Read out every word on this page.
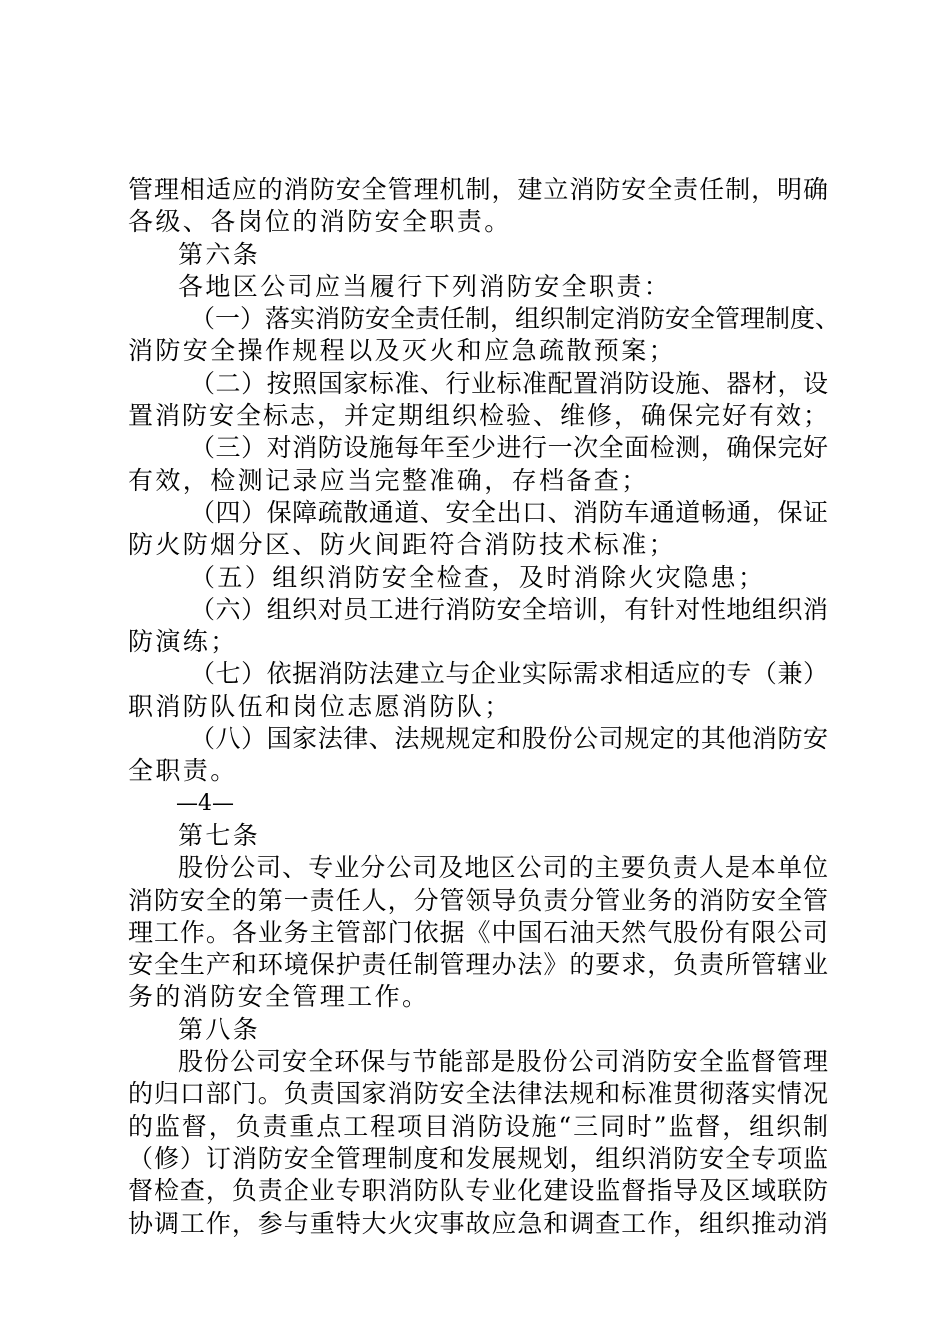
管理相适应的消防安全管理机制，建立消防安全责任制，明确
各级、各岗位的消防安全职责。
第六条
各地区公司应当履行下列消防安全职责：
（一）落实消防安全责任制，组织制定消防安全管理制度、
消防安全操作规程以及灭火和应急疏散预案；
（二）按照国家标准、行业标准配置消防设施、器材，设
置消防安全标志，并定期组织检验、维修，确保完好有效；
（三）对消防设施每年至少进行一次全面检测，确保完好
有效，检测记录应当完整准确，存档备查；
（四）保障疏散通道、安全出口、消防车通道畅通，保证
防火防烟分区、防火间距符合消防技术标准；
（五）组织消防安全检查，及时消除火灾隐患；
（六）组织对员工进行消防安全培训，有针对性地组织消
防演练；
（七）依据消防法建立与企业实际需求相适应的专（兼）
职消防队伍和岗位志愿消防队；
（八）国家法律、法规规定和股份公司规定的其他消防安
全职责。
—4—
第七条
股份公司、专业分公司及地区公司的主要负责人是本单位
消防安全的第一责任人，分管领导负责分管业务的消防安全管
理工作。各业务主管部门依据《中国石油天然气股份有限公司
安全生产和环境保护责任制管理办法》的要求，负责所管辖业
务的消防安全管理工作。
第八条
股份公司安全环保与节能部是股份公司消防安全监督管理
的归口部门。负责国家消防安全法律法规和标准贯彻落实情况
的监督，负责重点工程项目消防设施“三同时”监督，组织制
（修）订消防安全管理制度和发展规划，组织消防安全专项监
督检查，负责企业专职消防队专业化建设监督指导及区域联防
协调工作，参与重特大火灾事故应急和调查工作，组织推动消
